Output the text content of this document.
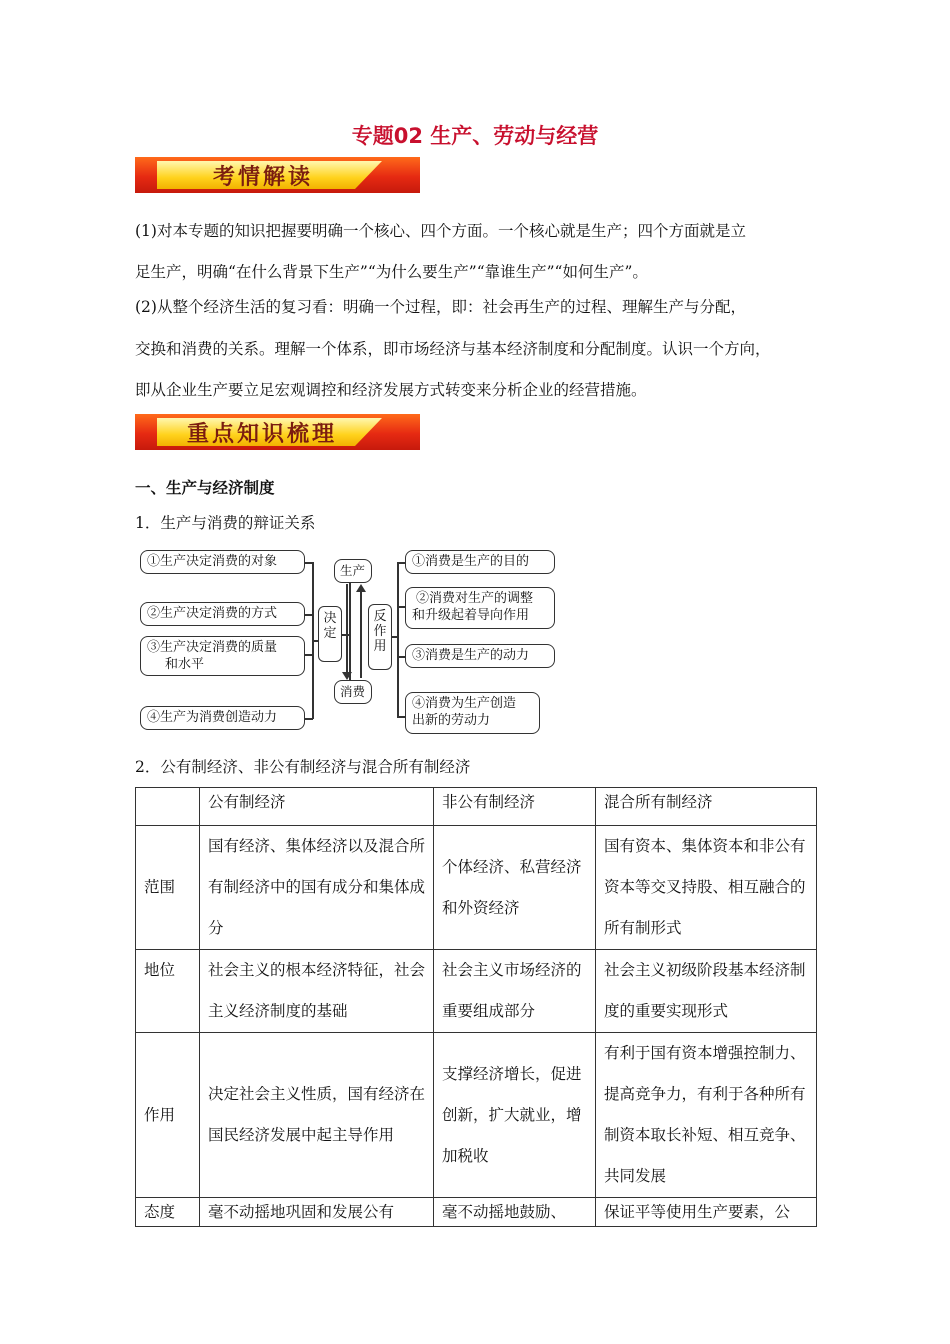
专题02 生产、劳动与经营
考情解读
(1)对本专题的知识把握要明确一个核心、四个方面。一个核心就是生产；四个方面就是立
足生产，明确“在什么背景下生产”“为什么要生产”“靠谁生产”“如何生产”。
(2)从整个经济生活的复习看：明确一个过程，即：社会再生产的过程、理解生产与分配，
交换和消费的关系。理解一个体系，即市场经济与基本经济制度和分配制度。认识一个方向，
即从企业生产要立足宏观调控和经济发展方式转变来分析企业的经营措施。
重点知识梳理
一、生产与经济制度
1．生产与消费的辩证关系
①生产决定消费的对象
②生产决定消费的方式
③生产决定消费的质量
和水平
④生产为消费创造动力
决定
生产
消费
反作用
①消费是生产的目的
②消费对生产的调整
和升级起着导向作用
③消费是生产的动力
④消费为生产创造
出新的劳动力
2．公有制经济、非公有制经济与混合所有制经济
	公有制经济	非公有制经济	混合所有制经济
范围	国有经济、集体经济以及混合所有制经济中的国有成分和集体成分	个体经济、私营经济和外资经济	国有资本、集体资本和非公有资本等交叉持股、相互融合的所有制形式
地位	社会主义的根本经济特征，社会主义经济制度的基础	社会主义市场经济的重要组成部分	社会主义初级阶段基本经济制度的重要实现形式
作用	决定社会主义性质，国有经济在国民经济发展中起主导作用	支撑经济增长，促进创新，扩大就业，增加税收	有利于国有资本增强控制力、提高竞争力，有利于各种所有制资本取长补短、相互竞争、共同发展
态度	毫不动摇地巩固和发展公有	毫不动摇地鼓励、	保证平等使用生产要素，公
